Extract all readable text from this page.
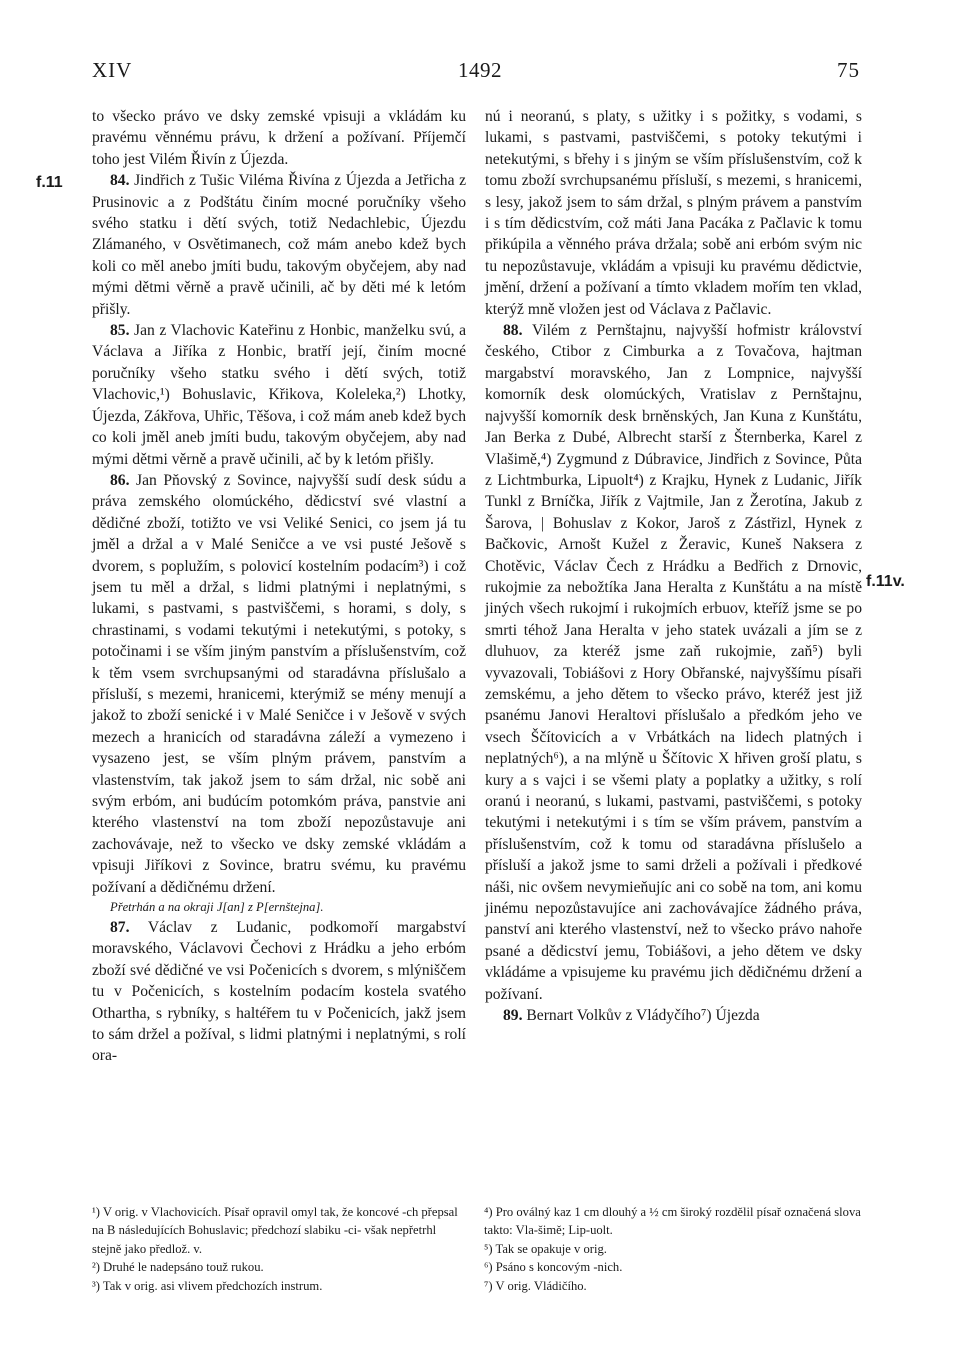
XIV	1492	75
f.11
f.11v.

to všecko právo ve dsky zemské vpisuji a vkládám ku pravému věnnému právu, k držení a požívaní. Příjemčí toho jest Vilém Řivín z Újezda.

84. Jindřich z Tušic Viléma Řivína z Újezda a Jetřicha z Prusinovic a z Podštátu činím mocné poručníky všeho svého statku i dětí svých, totiž Nedachlebic, Újezdu Zlámaného, v Osvětimanech, což mám anebo kdež bych koli co měl anebo jmíti budu, takovým obyčejem, aby nad mými dětmi věrně a pravě učinili, ač by děti mé k letóm přišly.

85. Jan z Vlachovic Kateřinu z Honbic, manželku svú, a Václava a Jiříka z Honbic, bratří její, činím mocné poručníky všeho statku svého i dětí svých, totiž Vlachovic,¹) Bohuslavic, Křikova, Koleleka,²) Lhotky, Újezda, Zákřova, Uhřic, Těšova, i což mám aneb kdež bych co koli jměl aneb jmíti budu, takovým obyčejem, aby nad mými dětmi věrně a pravě učinili, ač by k letóm přišly.

86. Jan Pňovský z Sovince, najvyšší sudí desk súdu a práva zemského olomúckého, dědicství své vlastní a dědičné zboží, totižto ve vsi Veliké Senici, co jsem já tu jměl a držal a v Malé Seničce a ve vsi pusté Ješově s dvorem, s poplužím, s polovicí kostelním podacím³) i což jsem tu měl a držal, s lidmi platnými i neplatnými, s lukami, s pastvami, s pastviščemi, s horami, s doly, s chrastinami, s vodami tekutými i netekutými, s potoky, s potočinami i se vším jiným panstvím a příslušenstvím, což k těm vsem svrchupsanými od staradávna příslušalo a přísluší, s mezemi, hranicemi, kterýmiž se mény menují a jakož to zboží senické i v Malé Seničce i v Ješově v svých mezech a hranicích od staradávna záleží a vymezeno i vysazeno jest, se vším plným právem, panstvím a vlastenstvím, tak jakož jsem to sám držal, nic sobě ani svým erbóm, ani budúcím potomkóm práva, panstvie ani kterého vlastenství na tom zboží nepozůstavuje ani zachovávaje, než to všecko ve dsky zemské vkládám a vpisuji Jiříkovi z Sovince, bratru svému, ku pravému požívaní a dědičnému držení.

Přetrhán a na okraji J[an] z P[ernštejna].

87. Václav z Ludanic, podkomoří margabství moravského, Václavovi Čechovi z Hrádku a jeho erbóm zboží své dědičné ve vsi Počenicích s dvorem, s mlýniščem tu v Počenicích, s kostelním podacím kostela svatého Othartha, s rybníky, s haltéřem tu v Počenicích, jakž jsem to sám držel a požíval, s lidmi platnými i neplatnými, s rolí ora-

nú i neoranú, s platy, s užitky i s požitky, s vodami, s lukami, s pastvami, pastviščemi, s potoky tekutými i netekutými, s břehy i s jiným se vším příslušenstvím, což k tomu zboží svrchupsanému přísluší, s mezemi, s hranicemi, s lesy, jakož jsem to sám držal, s plným právem a panstvím i s tím dědicstvím, což máti Jana Pacáka z Pačlavic k tomu přikúpila a věnného práva držala; sobě ani erbóm svým nic tu nepozůstavuje, vkládám a vpisuji ku pravému dědictvie, jmění, držení a požívaní a tímto vkladem mořím ten vklad, kterýž mně vložen jest od Václava z Pačlavic.

88. Vilém z Pernštajnu, najvyšší hofmistr království českého, Ctibor z Cimburka a z Tovačova, hajtman margabství moravského, Jan z Lompnice, najvyšší komorník desk olomúckých, Vratislav z Pernštajnu, najvyšší komorník desk brněnských, Jan Kuna z Kunštátu, Jan Berka z Dubé, Albrecht starší z Šternberka, Karel z Vlašimě,⁴) Zygmund z Dúbravice, Jindřich z Sovince, Půta z Lichtmburka, Lipuolt⁴) z Krajku, Hynek z Ludanic, Jiřík Tunkl z Brníčka, Jiřík z Vajtmile, Jan z Žerotína, Jakub z Šarova, | Bohuslav z Kokor, Jaroš z Zástřizl, Hynek z Bačkovic, Arnošt Kužel z Žeravic, Kuneš Naksera z Chotěvic, Václav Čech z Hrádku a Bedřich z Drnovic, rukojmie za nebožtíka Jana Heralta z Kunštátu a na místě jiných všech rukojmí i rukojmích erbuov, kteříž jsme se po smrti téhož Jana Heralta v jeho statek uvázali a jím se z dluhuov, za kteréž jsme zaň rukojmie, zaň⁵) byli vyvazovali, Tobiášovi z Hory Obřanské, najvyššímu písaři zemskému, a jeho dětem to všecko právo, kteréž jest již psanému Janovi Heraltovi příslušalo a předkóm jeho ve vsech Ščítovicích a v Vrbátkách na lidech platných i neplatných⁶), a na mlýně u Ščítovic X hřiven groší platu, s kury a s vajci i se všemi platy a poplatky a užitky, s rolí oranú i neoranú, s lukami, pastvami, pastviščemi, s potoky tekutými i netekutými i s tím se vším právem, panstvím a příslušenstvím, což k tomu od staradávna příslušelo a přísluší a jakož jsme to sami drželi a požívali i předkové náši, nic ovšem nevymieňujíc ani co sobě na tom, ani komu jinému nepozůstavujíce ani zachovávajíce žádného práva, panství ani kterého vlastenství, než to všecko právo nahoře psané a dědicství jemu, Tobiášovi, a jeho dětem ve dsky vkládáme a vpisujeme ku pravému jich dědičnému držení a požívaní.

89. Bernart Volkův z Vládyčího⁷) Újezda

¹) V orig. v Vlachovicích. Písař opravil omyl tak, že koncové -ch přepsal na B následujících Bohuslavic; předchozí slabiku -ci- však nepřetrhl stejně jako předlož. v.
²) Druhé le nadepsáno touž rukou.
³) Tak v orig. asi vlivem předchozích instrum.
⁴) Pro oválný kaz 1 cm dlouhý a ½ cm široký rozdělil písař označená slova takto: Vla-šimě; Lip-uolt.
⁵) Tak se opakuje v orig.
⁶) Psáno s koncovým -nich.
⁷) V orig. Vládičího.
